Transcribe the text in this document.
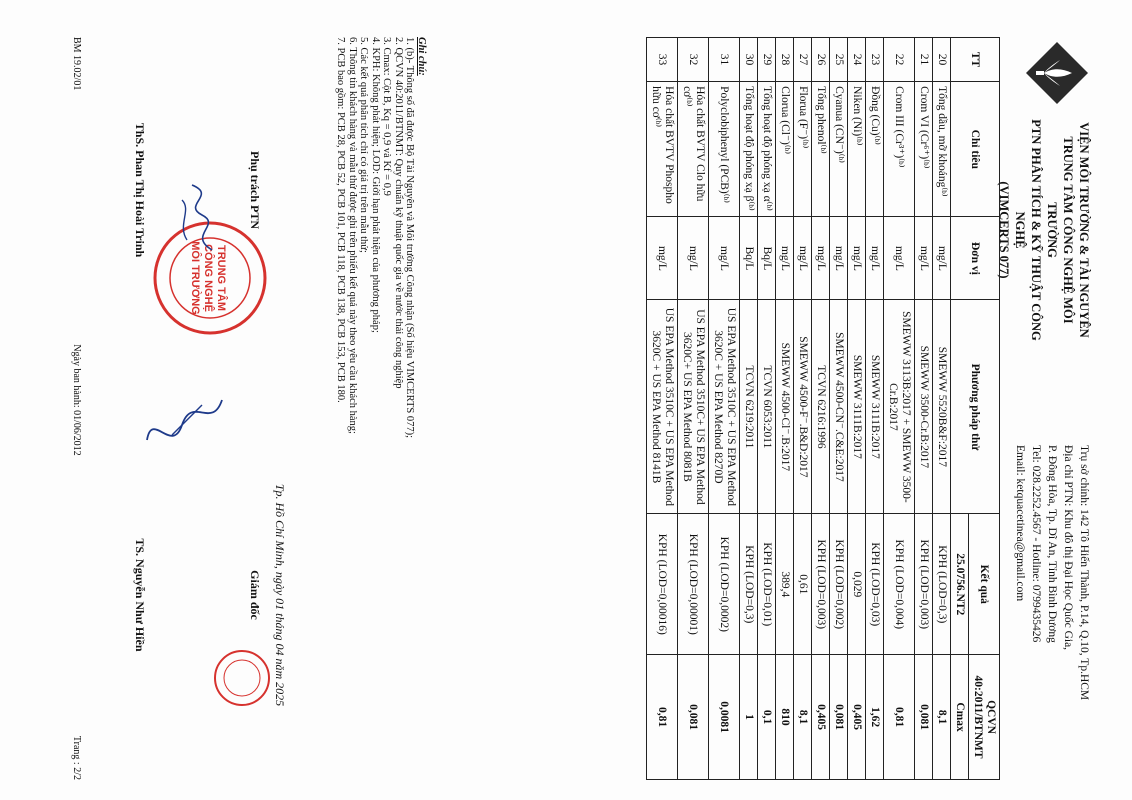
VIỆN MÔI TRƯỜNG & TÀI NGUYÊN
TRUNG TÂM CÔNG NGHỆ MÔI TRƯỜNG
PTN PHÂN TÍCH & KỸ THUẬT CÔNG NGHỆ
(VIMCERTS 077)
Trụ sở chính: 142 Tô Hiến Thành, P.14, Q.10, Tp.HCM
Địa chỉ PTN: Khu đô thị Đại Học Quốc Gia,
P. Đông Hòa, Tp. Dĩ An, Tỉnh Bình Dương
Tel: 028.2252.4567 - Hotline: 0799435426
Email: ketquacetinea@gmail.com
TT	Chỉ tiêu	Đơn vị	Phương pháp thử	Kết quả	QCVN 40:2011/BTNMT
				25.0756.NT2	Cmax
20	Tổng dầu, mỡ khoáng⁽ᵇ⁾	mg/L	SMEWW 5520B&F:2017	KPH (LOD=0,3)	8,1
21	Crom VI (Cr⁶⁺)⁽ᵇ⁾	mg/L	SMEWW 3500-Cr.B:2017	KPH (LOD=0,003)	0,081
22	Crom III (Cr³⁺)⁽ᵇ⁾	mg/L	SMEWW 3113B:2017 + SMEWW 3500-Cr.B:2017	KPH (LOD=0,004)	0,81
23	Đồng (Cu)⁽ᵇ⁾	mg/L	SMEWW 3111B:2017	KPH (LOD=0,03)	1,62
24	Niken (Ni)⁽ᵇ⁾	mg/L	SMEWW 3111B:2017	0,029	0,405
25	Cyanua (CN⁻)⁽ᵇ⁾	mg/L	SMEWW 4500-CN⁻.C&E:2017	KPH (LOD=0,002)	0,081
26	Tổng phenol⁽ᵇ⁾	mg/L	TCVN 6216:1996	KPH (LOD=0,003)	0,405
27	Florua (F⁻)⁽ᵇ⁾	mg/L	SMEWW 4500-F⁻.B&D:2017	0,61	8,1
28	Clorua (Cl⁻)⁽ᵇ⁾	mg/L	SMEWW 4500-Cl⁻.B:2017	389,4	810
29	Tổng hoạt độ phóng xạ α⁽ᵇ⁾	Bq/L	TCVN 6053:2011	KPH (LOD=0,01)	0,1
30	Tổng hoạt độ phóng xạ β⁽ᵇ⁾	Bq/L	TCVN 6219:2011	KPH (LOD=0,3)	1
31	Polyclobiphenyl (PCB)⁽ᵇ⁾	mg/L	US EPA Method 3510C + US EPA Method 3620C + US EPA Method 8270D	KPH (LOD=0,0002)	0,0081
32	Hóa chất BVTV Clo hữu cơ⁽ᵇ⁾	mg/L	US EPA Method 3510C+ US EPA Method 3620C+ US EPA Method 8081B	KPH (LOD=0,00001)	0,081
33	Hóa chất BVTV Phospho hữu cơ⁽ᵇ⁾	mg/L	US EPA Method 3510C + US EPA Method 3620C + US EPA Method 8141B	KPH (LOD=0,00016)	0,81
Ghi chú:
1. (b)- Thông số đã được Bộ Tài Nguyên và Môi trường Công nhận (Số hiệu VIMCERTS 077);
2. QCVN 40:2011/BTNMT: Quy chuẩn kỹ thuật quốc gia về nước thải công nghiệp
3. Cmax: Cột B, Kq = 0,9 và Kf = 0,9
4. KPH: Không phát hiện; LOD: Giới hạn phát hiện của phương pháp;
5. Các kết quả phân tích chỉ có giá trị trên mẫu thử;
6. Thông tin khách hàng và mẫu thử được ghi trên phiếu kết quả này theo yêu cầu khách hàng;
7. PCB bao gồm: PCB 28, PCB 52, PCB 101, PCB 118, PCB 138, PCB 153, PCB 180.
Tp. Hồ Chí Minh, ngày 01 tháng 04 năm 2025
Phụ trách PTN
Giám đốc
TRUNG TÂM
CÔNG NGHỆ
MÔI TRƯỜNG
ThS. Phan Thị Hoài Trinh
TS. Nguyễn Như Hiền
BM 19.02/01
Ngày ban hành: 01/06/2012
Trang : 2/2
